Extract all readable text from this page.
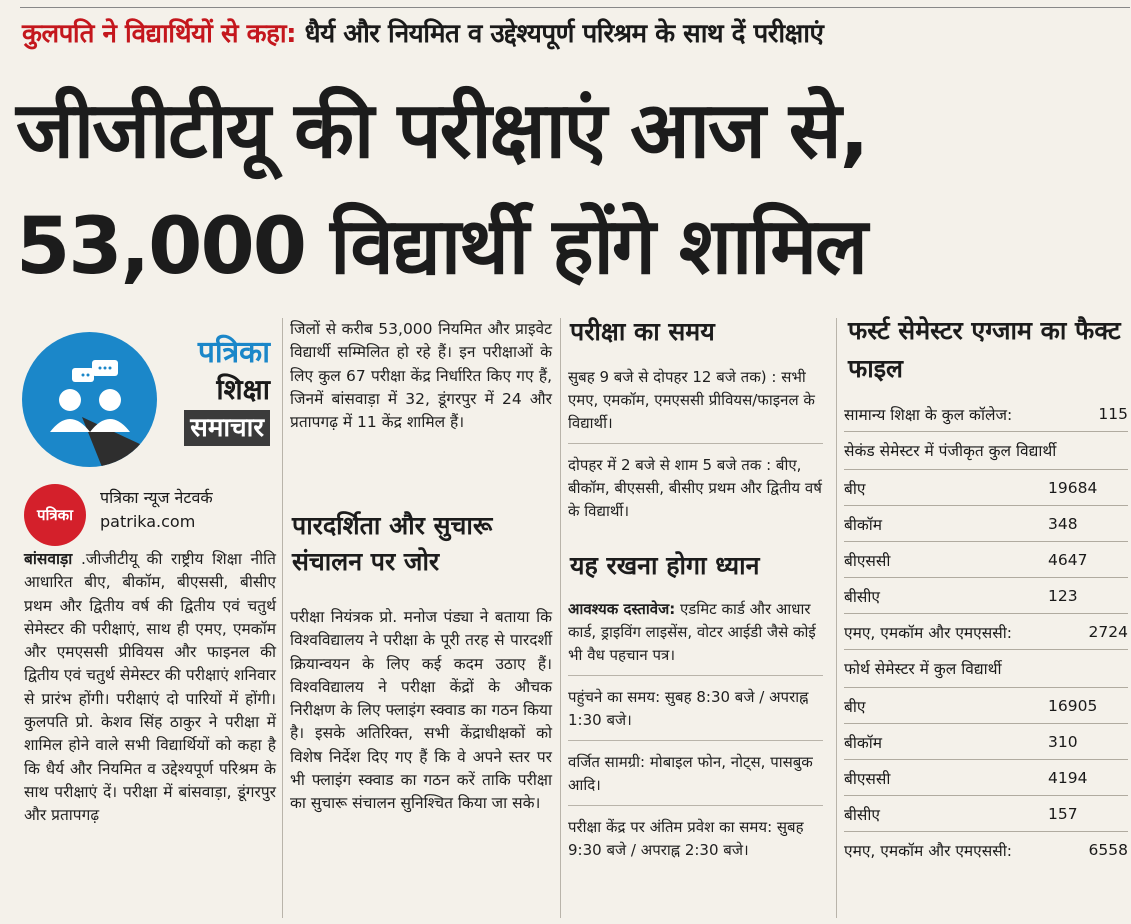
कुलपति ने विद्यार्थियों से कहा: धैर्य और नियमित व उद्देश्यपूर्ण परिश्रम के साथ दें परीक्षाएं
जीजीटीयू की परीक्षाएं आज से,
53,000 विद्यार्थी होंगे शामिल
पत्रिका
शिक्षा
समाचार
पत्रिका
पत्रिका न्यूज नेटवर्क
patrika.com
बांसवाड़ा .जीजीटीयू की राष्ट्रीय शिक्षा नीति आधारित बीए, बीकॉम, बीएससी, बीसीए प्रथम और द्वितीय वर्ष की द्वितीय एवं चतुर्थ सेमेस्टर की परीक्षाएं, साथ ही एमए, एमकॉम और एमएससी प्रीवियस और फाइनल की द्वितीय एवं चतुर्थ सेमेस्टर की परीक्षाएं शनिवार से प्रारंभ होंगी। परीक्षाएं दो पारियों में होंगी। कुलपति प्रो. केशव सिंह ठाकुर ने परीक्षा में शामिल होने वाले सभी विद्यार्थियों को कहा है कि धैर्य और नियमित व उद्देश्यपूर्ण परिश्रम के साथ परीक्षाएं दें। परीक्षा में बांसवाड़ा, डूंगरपुर और प्रतापगढ़
जिलों से करीब 53,000 नियमित और प्राइवेट विद्यार्थी सम्मिलित हो रहे हैं। इन परीक्षाओं के लिए कुल 67 परीक्षा केंद्र निर्धारित किए गए हैं, जिनमें बांसवाड़ा में 32, डूंगरपुर में 24 और प्रतापगढ़ में 11 केंद्र शामिल हैं।
पारदर्शिता और सुचारू संचालन पर जोर
परीक्षा नियंत्रक प्रो. मनोज पंड्या ने बताया कि विश्वविद्यालय ने परीक्षा के पूरी तरह से पारदर्शी क्रियान्वयन के लिए कई कदम उठाए हैं। विश्वविद्यालय ने परीक्षा केंद्रों के औचक निरीक्षण के लिए फ्लाइंग स्क्वाड का गठन किया है। इसके अतिरिक्त, सभी केंद्राधीक्षकों को विशेष निर्देश दिए गए हैं कि वे अपने स्तर पर भी फ्लाइंग स्क्वाड का गठन करें ताकि परीक्षा का सुचारू संचालन सुनिश्चित किया जा सके।
परीक्षा का समय
सुबह 9 बजे से दोपहर 12 बजे तक) : सभी एमए, एमकॉम, एमएससी प्रीवियस/फाइनल के विद्यार्थी।
दोपहर में 2 बजे से शाम 5 बजे तक : बीए, बीकॉम, बीएससी, बीसीए प्रथम और द्वितीय वर्ष के विद्यार्थी।
यह रखना होगा ध्यान
आवश्यक दस्तावेज: एडमिट कार्ड और आधार कार्ड, ड्राइविंग लाइसेंस, वोटर आईडी जैसे कोई भी वैध पहचान पत्र।
पहुंचने का समय: सुबह 8:30 बजे / अपराह्न 1:30 बजे।
वर्जित सामग्री: मोबाइल फोन, नोट्स, पासबुक आदि।
परीक्षा केंद्र पर अंतिम प्रवेश का समय: सुबह 9:30 बजे / अपराह्न 2:30 बजे।
फर्स्ट सेमेस्टर एग्जाम का फैक्ट फाइल
सामान्य शिक्षा के कुल कॉलेज:	115
सेकंड सेमेस्टर में पंजीकृत कुल विद्यार्थी
बीए	19684
बीकॉम	348
बीएससी	4647
बीसीए	123
एमए, एमकॉम और एमएससी:	2724
फोर्थ सेमेस्टर में कुल विद्यार्थी
बीए	16905
बीकॉम	310
बीएससी	4194
बीसीए	157
एमए, एमकॉम और एमएससी:	6558
